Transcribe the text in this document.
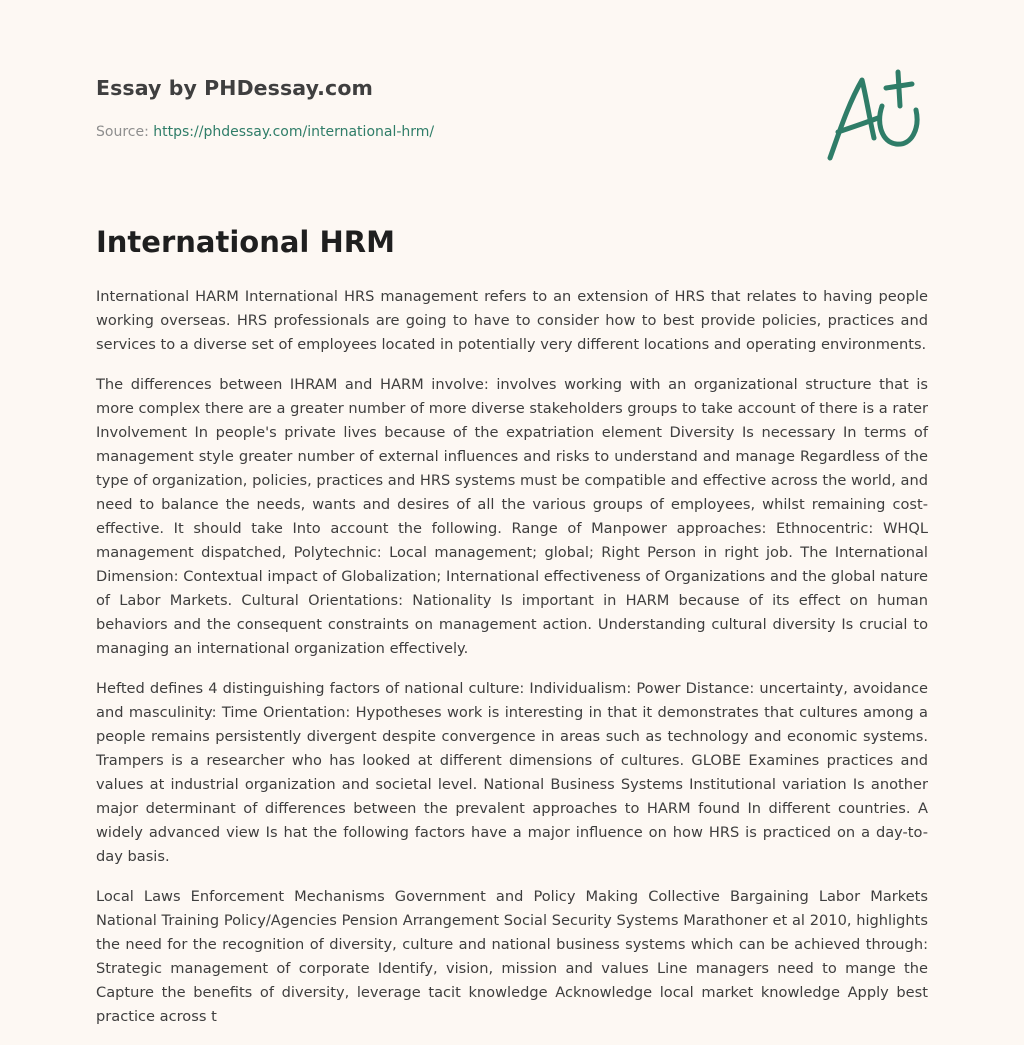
Essay by PHDessay.com
Source: https://phdessay.com/international-hrm/
International HRM

International HARM International HRS management refers to an extension of HRS that relates to having people working overseas. HRS professionals are going to have to consider how to best provide policies, practices and services to a diverse set of employees located in potentially very different locations and operating environments.

The differences between IHRAM and HARM involve: involves working with an organizational structure that is more complex there are a greater number of more diverse stakeholders groups to take account of there is a rater Involvement In people's private lives because of the expatriation element Diversity Is necessary In terms of management style greater number of external influences and risks to understand and manage Regardless of the type of organization, policies, practices and HRS systems must be compatible and effective across the world, and need to balance the needs, wants and desires of all the various groups of employees, whilst remaining cost-effective. It should take Into account the following. Range of Manpower approaches: Ethnocentric: WHQL management dispatched, Polytechnic: Local management; global; Right Person in right job. The International Dimension: Contextual impact of Globalization; International effectiveness of Organizations and the global nature of Labor Markets. Cultural Orientations: Nationality Is important in HARM because of its effect on human behaviors and the consequent constraints on management action. Understanding cultural diversity Is crucial to managing an international organization effectively.

Hefted defines 4 distinguishing factors of national culture: Individualism: Power Distance: uncertainty, avoidance and masculinity: Time Orientation: Hypotheses work is interesting in that it demonstrates that cultures among a people remains persistently divergent despite convergence in areas such as technology and economic systems. Trampers is a researcher who has looked at different dimensions of cultures. GLOBE Examines practices and values at industrial organization and societal level. National Business Systems Institutional variation Is another major determinant of differences between the prevalent approaches to HARM found In different countries. A widely advanced view Is hat the following factors have a major influence on how HRS is practiced on a day-to-day basis.

Local Laws Enforcement Mechanisms Government and Policy Making Collective Bargaining Labor Markets National Training Policy/Agencies Pension Arrangement Social Security Systems Marathoner et al 2010, highlights the need for the recognition of diversity, culture and national business systems which can be achieved through: Strategic management of corporate Identify, vision, mission and values Line managers need to mange the Capture the benefits of diversity, leverage tacit knowledge Acknowledge local market knowledge Apply best practice across t
